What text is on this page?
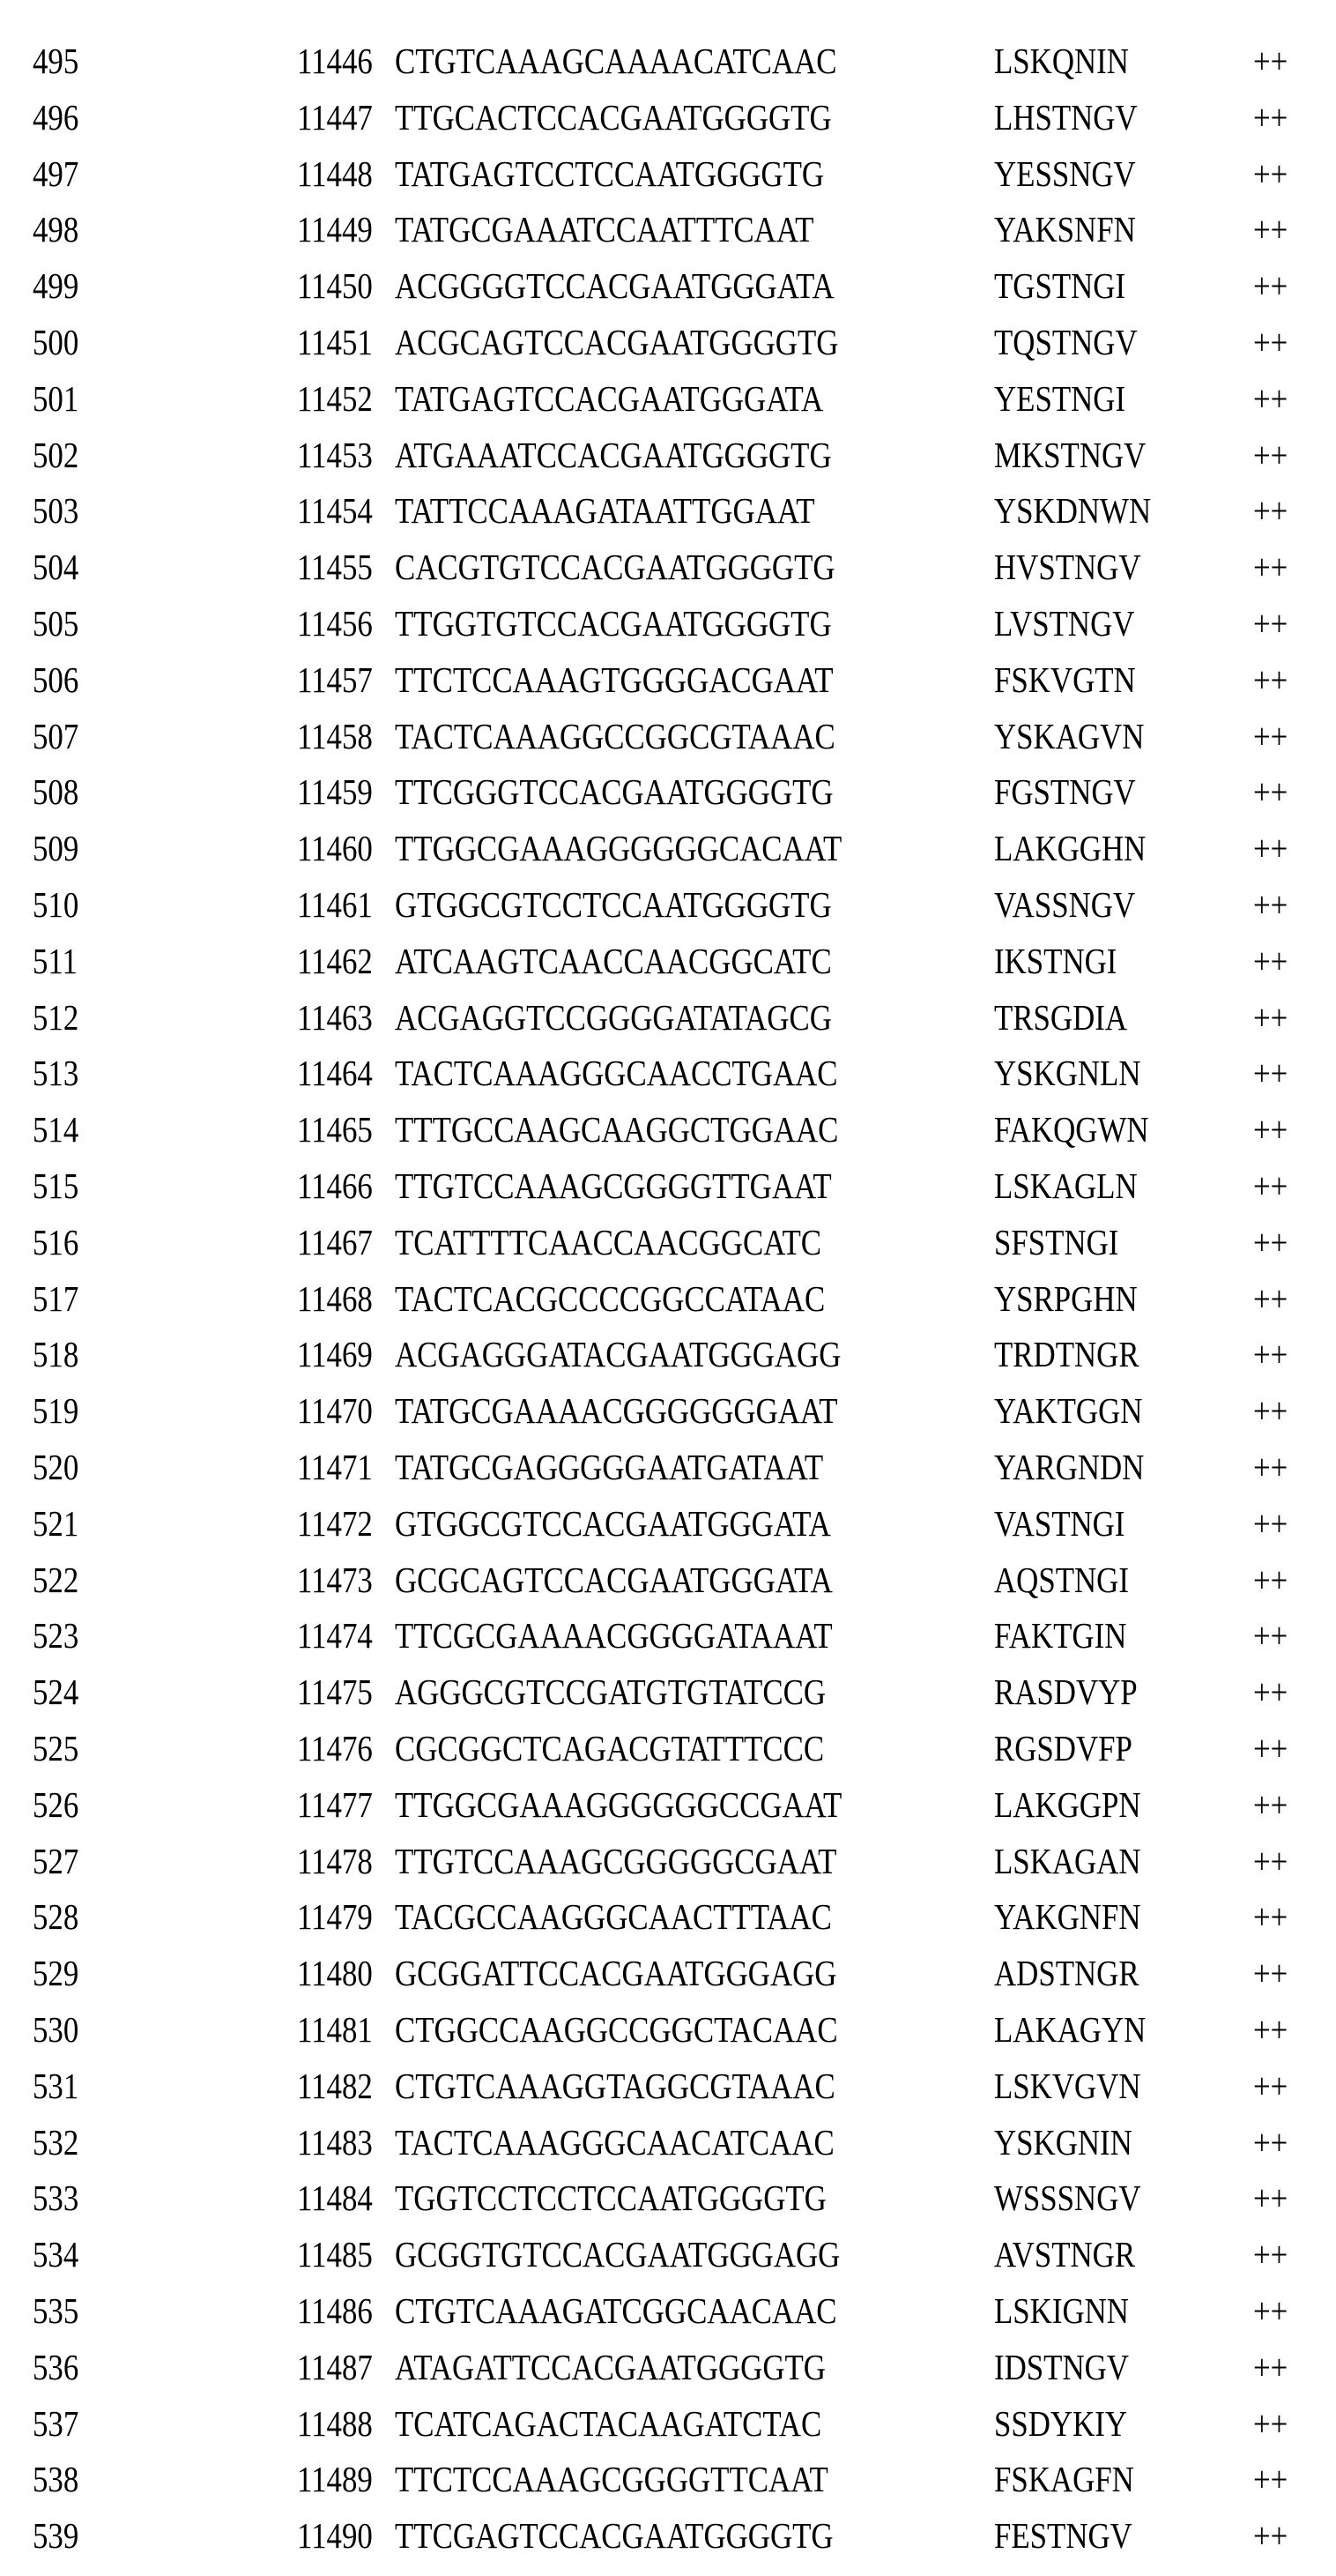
495	11446 CTGTCAAAGCAAAACATCAAC	LSKQNIN	++
496	11447 TTGCACTCCACGAATGGGGTG	LHSTNGV	++
497	11448 TATGAGTCCTCCAATGGGGTG	YESSNGV	++
498	11449 TATGCGAAATCCAATTTCAAT	YAKSNFN	++
499	11450 ACGGGGTCCACGAATGGGATA	TGSTNGI	++
500	11451 ACGCAGTCCACGAATGGGGTG	TQSTNGV	++
501	11452 TATGAGTCCACGAATGGGATA	YESTNGI	++
502	11453 ATGAAATCCACGAATGGGGTG	MKSTNGV	++
503	11454 TATTCCAAAGATAATTGGAAT	YSKDNWN	++
504	11455 CACGTGTCCACGAATGGGGTG	HVSTNGV	++
505	11456 TTGGTGTCCACGAATGGGGTG	LVSTNGV	++
506	11457 TTCTCCAAAGTGGGGACGAAT	FSKVGTN	++
507	11458 TACTCAAAGGCCGGCGTAAAC	YSKAGVN	++
508	11459 TTCGGGTCCACGAATGGGGTG	FGSTNGV	++
509	11460 TTGGCGAAAGGGGGGCACAAT	LAKGGHN	++
510	11461 GTGGCGTCCTCCAATGGGGTG	VASSNGV	++
511	11462 ATCAAGTCAACCAACGGCATC	IKSTNGI	++
512	11463 ACGAGGTCCGGGGATATAGCG	TRSGDIA	++
513	11464 TACTCAAAGGGCAACCTGAAC	YSKGNLN	++
514	11465 TTTGCCAAGCAAGGCTGGAAC	FAKQGWN	++
515	11466 TTGTCCAAAGCGGGGTTGAAT	LSKAGLN	++
516	11467 TCATTTTCAACCAACGGCATC	SFSTNGI	++
517	11468 TACTCACGCCCCGGCCATAAC	YSRPGHN	++
518	11469 ACGAGGGATACGAATGGGAGG	TRDTNGR	++
519	11470 TATGCGAAAACGGGGGGGAAT	YAKTGGN	++
520	11471 TATGCGAGGGGGAATGATAAT	YARGNDN	++
521	11472 GTGGCGTCCACGAATGGGATA	VASTNGI	++
522	11473 GCGCAGTCCACGAATGGGATA	AQSTNGI	++
523	11474 TTCGCGAAAACGGGGATAAAT	FAKTGIN	++
524	11475 AGGGCGTCCGATGTGTATCCG	RASDVYP	++
525	11476 CGCGGCTCAGACGTATTTCCC	RGSDVFP	++
526	11477 TTGGCGAAAGGGGGGCCGAAT	LAKGGPN	++
527	11478 TTGTCCAAAGCGGGGGCGAAT	LSKAGAN	++
528	11479 TACGCCAAGGGCAACTTTAAC	YAKGNFN	++
529	11480 GCGGATTCCACGAATGGGAGG	ADSTNGR	++
530	11481 CTGGCCAAGGCCGGCTACAAC	LAKAGYN	++
531	11482 CTGTCAAAGGTAGGCGTAAAC	LSKVGVN	++
532	11483 TACTCAAAGGGCAACATCAAC	YSKGNIN	++
533	11484 TGGTCCTCCTCCAATGGGGTG	WSSSNGV	++
534	11485 GCGGTGTCCACGAATGGGAGG	AVSTNGR	++
535	11486 CTGTCAAAGATCGGCAACAAC	LSKIGNN	++
536	11487 ATAGATTCCACGAATGGGGTG	IDSTNGV	++
537	11488 TCATCAGACTACAAGATCTAC	SSDYKIY	++
538	11489 TTCTCCAAAGCGGGGTTCAAT	FSKAGFN	++
539	11490 TTCGAGTCCACGAATGGGGTG	FESTNGV	++
